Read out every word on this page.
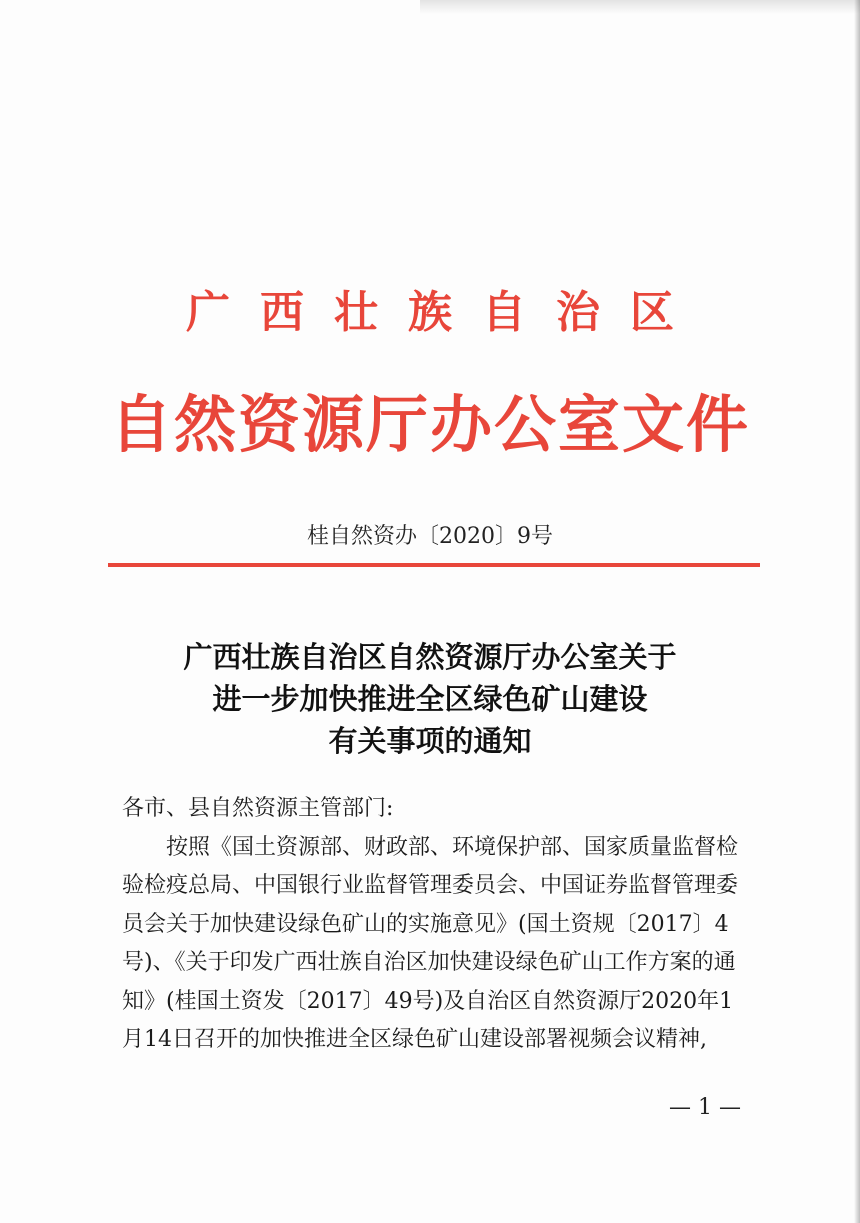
广西壮族自治区
自然资源厅办公室文件
桂自然资办〔2020〕9号
广西壮族自治区自然资源厅办公室关于
进一步加快推进全区绿色矿山建设
有关事项的通知
各市、县自然资源主管部门:
按照《国土资源部、财政部、环境保护部、国家质量监督检
验检疫总局、中国银行业监督管理委员会、中国证券监督管理委
员会关于加快建设绿色矿山的实施意见》(国土资规〔2017〕4
号)、《关于印发广西壮族自治区加快建设绿色矿山工作方案的通
知》(桂国土资发〔2017〕49号)及自治区自然资源厅2020年1
月14日召开的加快推进全区绿色矿山建设部署视频会议精神,
— 1 —
